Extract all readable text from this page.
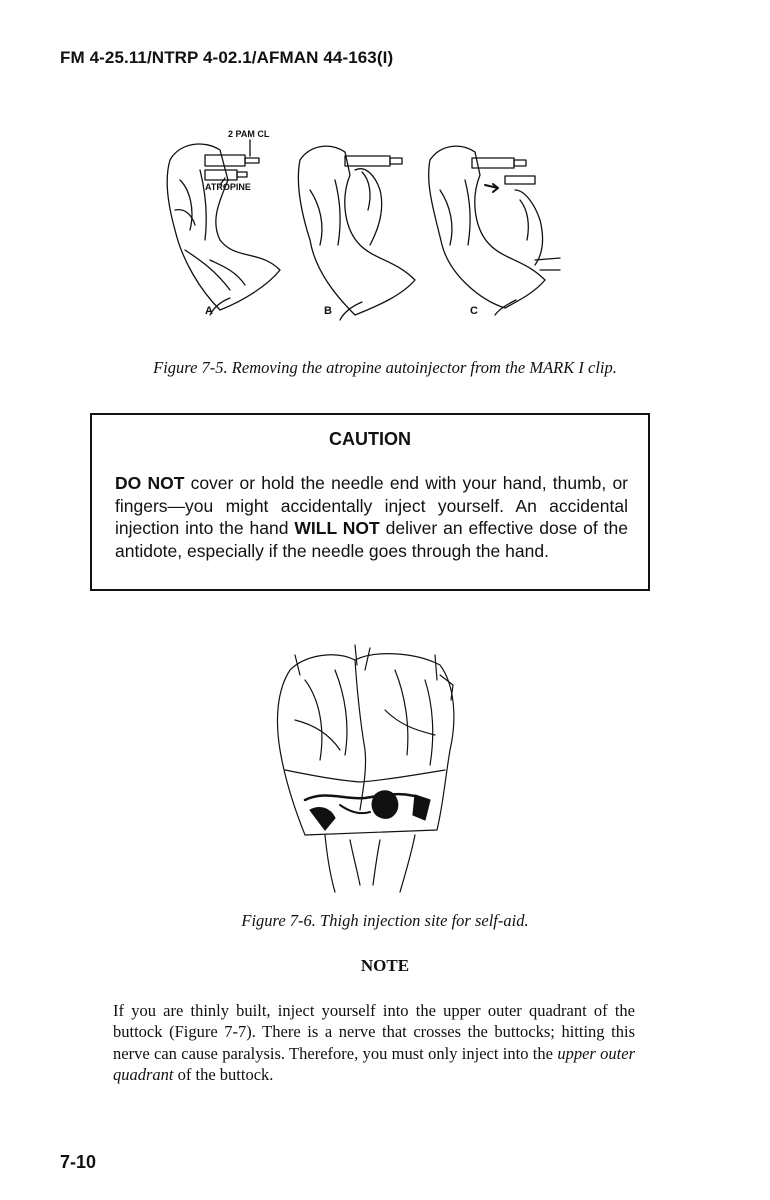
FM 4-25.11/NTRP 4-02.1/AFMAN 44-163(I)
2 PAM CL
ATROPINE
A	B	C
Figure 7-5. Removing the atropine autoinjector from the MARK I clip.
CAUTION
DO NOT cover or hold the needle end with your hand, thumb, or fingers—you might accidentally inject yourself. An accidental injection into the hand WILL NOT deliver an effective dose of the antidote, especially if the needle goes through the hand.
Figure 7-6. Thigh injection site for self-aid.
NOTE
If you are thinly built, inject yourself into the upper outer quadrant of the buttock (Figure 7-7). There is a nerve that crosses the buttocks; hitting this nerve can cause paralysis. Therefore, you must only inject into the upper outer quadrant of the buttock.
7-10
